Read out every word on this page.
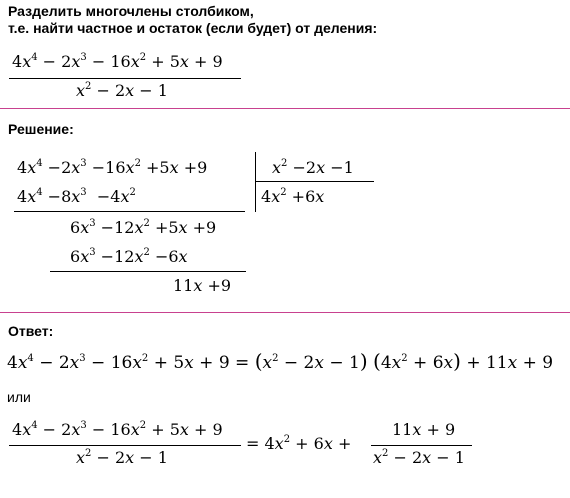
Разделить многочлены столбиком,
т.е. найти частное и остаток (если будет) от деления:
$4x^4 - 2x^3 - 16x^2 + 5x + 9$
$x^2 - 2x - 1$
Решение:
$4x^4 -2x^3 -16x^2 +5x +9$	$x^2 -2x -1$
$4x^2 +6x$
$4x^4 -8x^3 -4x^2$
$6x^3 -12x^2 +5x +9$
$6x^3 -12x^2 -6x$
11x +9
Ответ:
$4x^4 - 2x^3 - 16x^2 + 5x + 9 = (x^2 - 2x - 1) (4x^2 + 6x) + 11x + 9$
или
$4x^4 - 2x^3 - 16x^2 + 5x + 9$
$x^2 - 2x - 1$
= $4x^2 + 6x$ +
11x + 9
$x^2 - 2x - 1$
